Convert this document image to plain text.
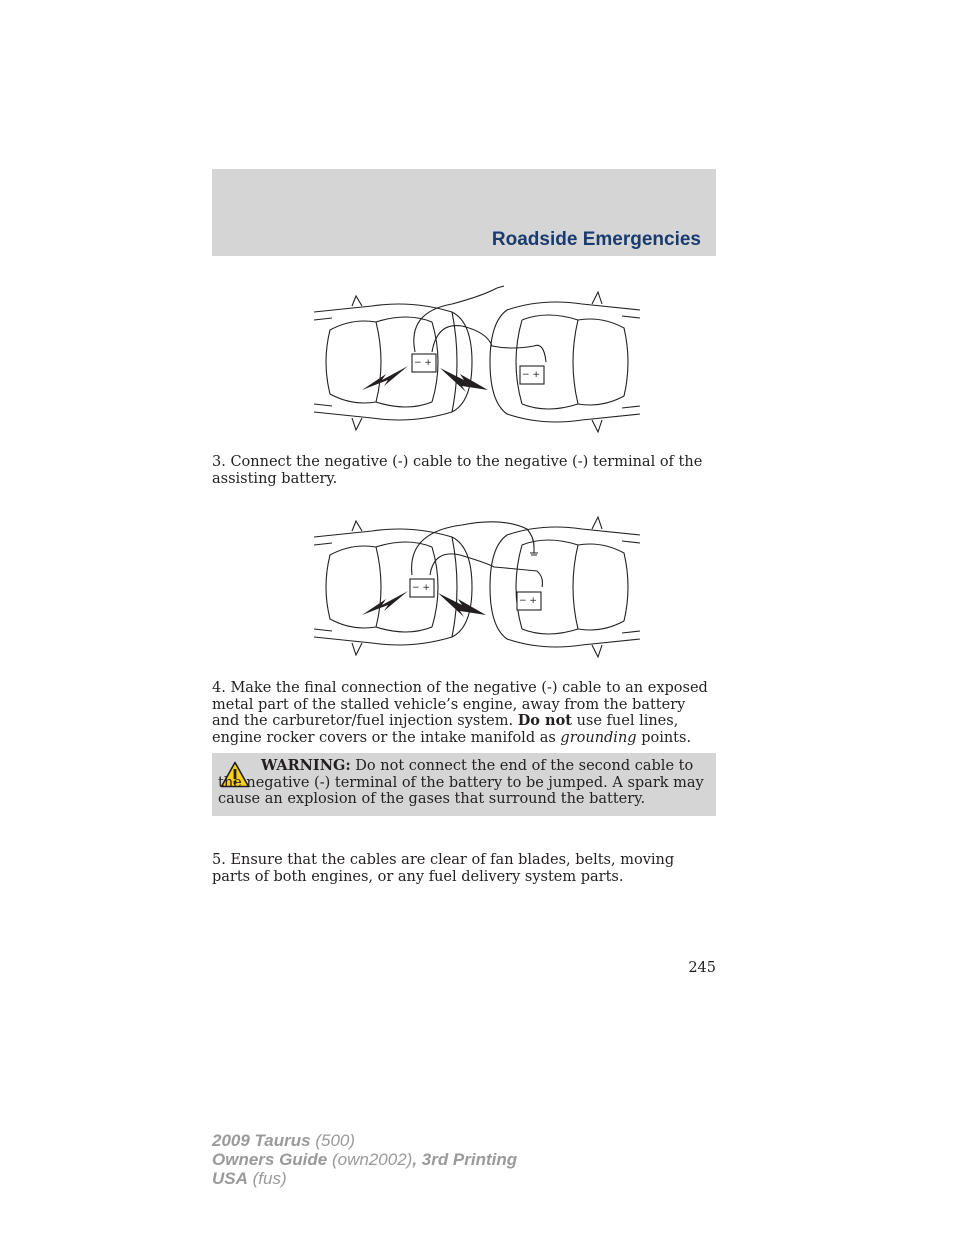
Roadside Emergencies
− +
− +

3. Connect the negative (-) cable to the negative (-) terminal of the assisting battery.

− +
− +

4. Make the final connection of the negative (-) cable to an exposed metal part of the stalled vehicle’s engine, away from the battery and the carburetor/fuel injection system. Do not use fuel lines, engine rocker covers or the intake manifold as grounding points.

WARNING: Do not connect the end of the second cable to the negative (-) terminal of the battery to be jumped. A spark may cause an explosion of the gases that surround the battery.

5. Ensure that the cables are clear of fan blades, belts, moving parts of both engines, or any fuel delivery system parts.

245
2009 Taurus (500)
Owners Guide (own2002), 3rd Printing
USA (fus)
